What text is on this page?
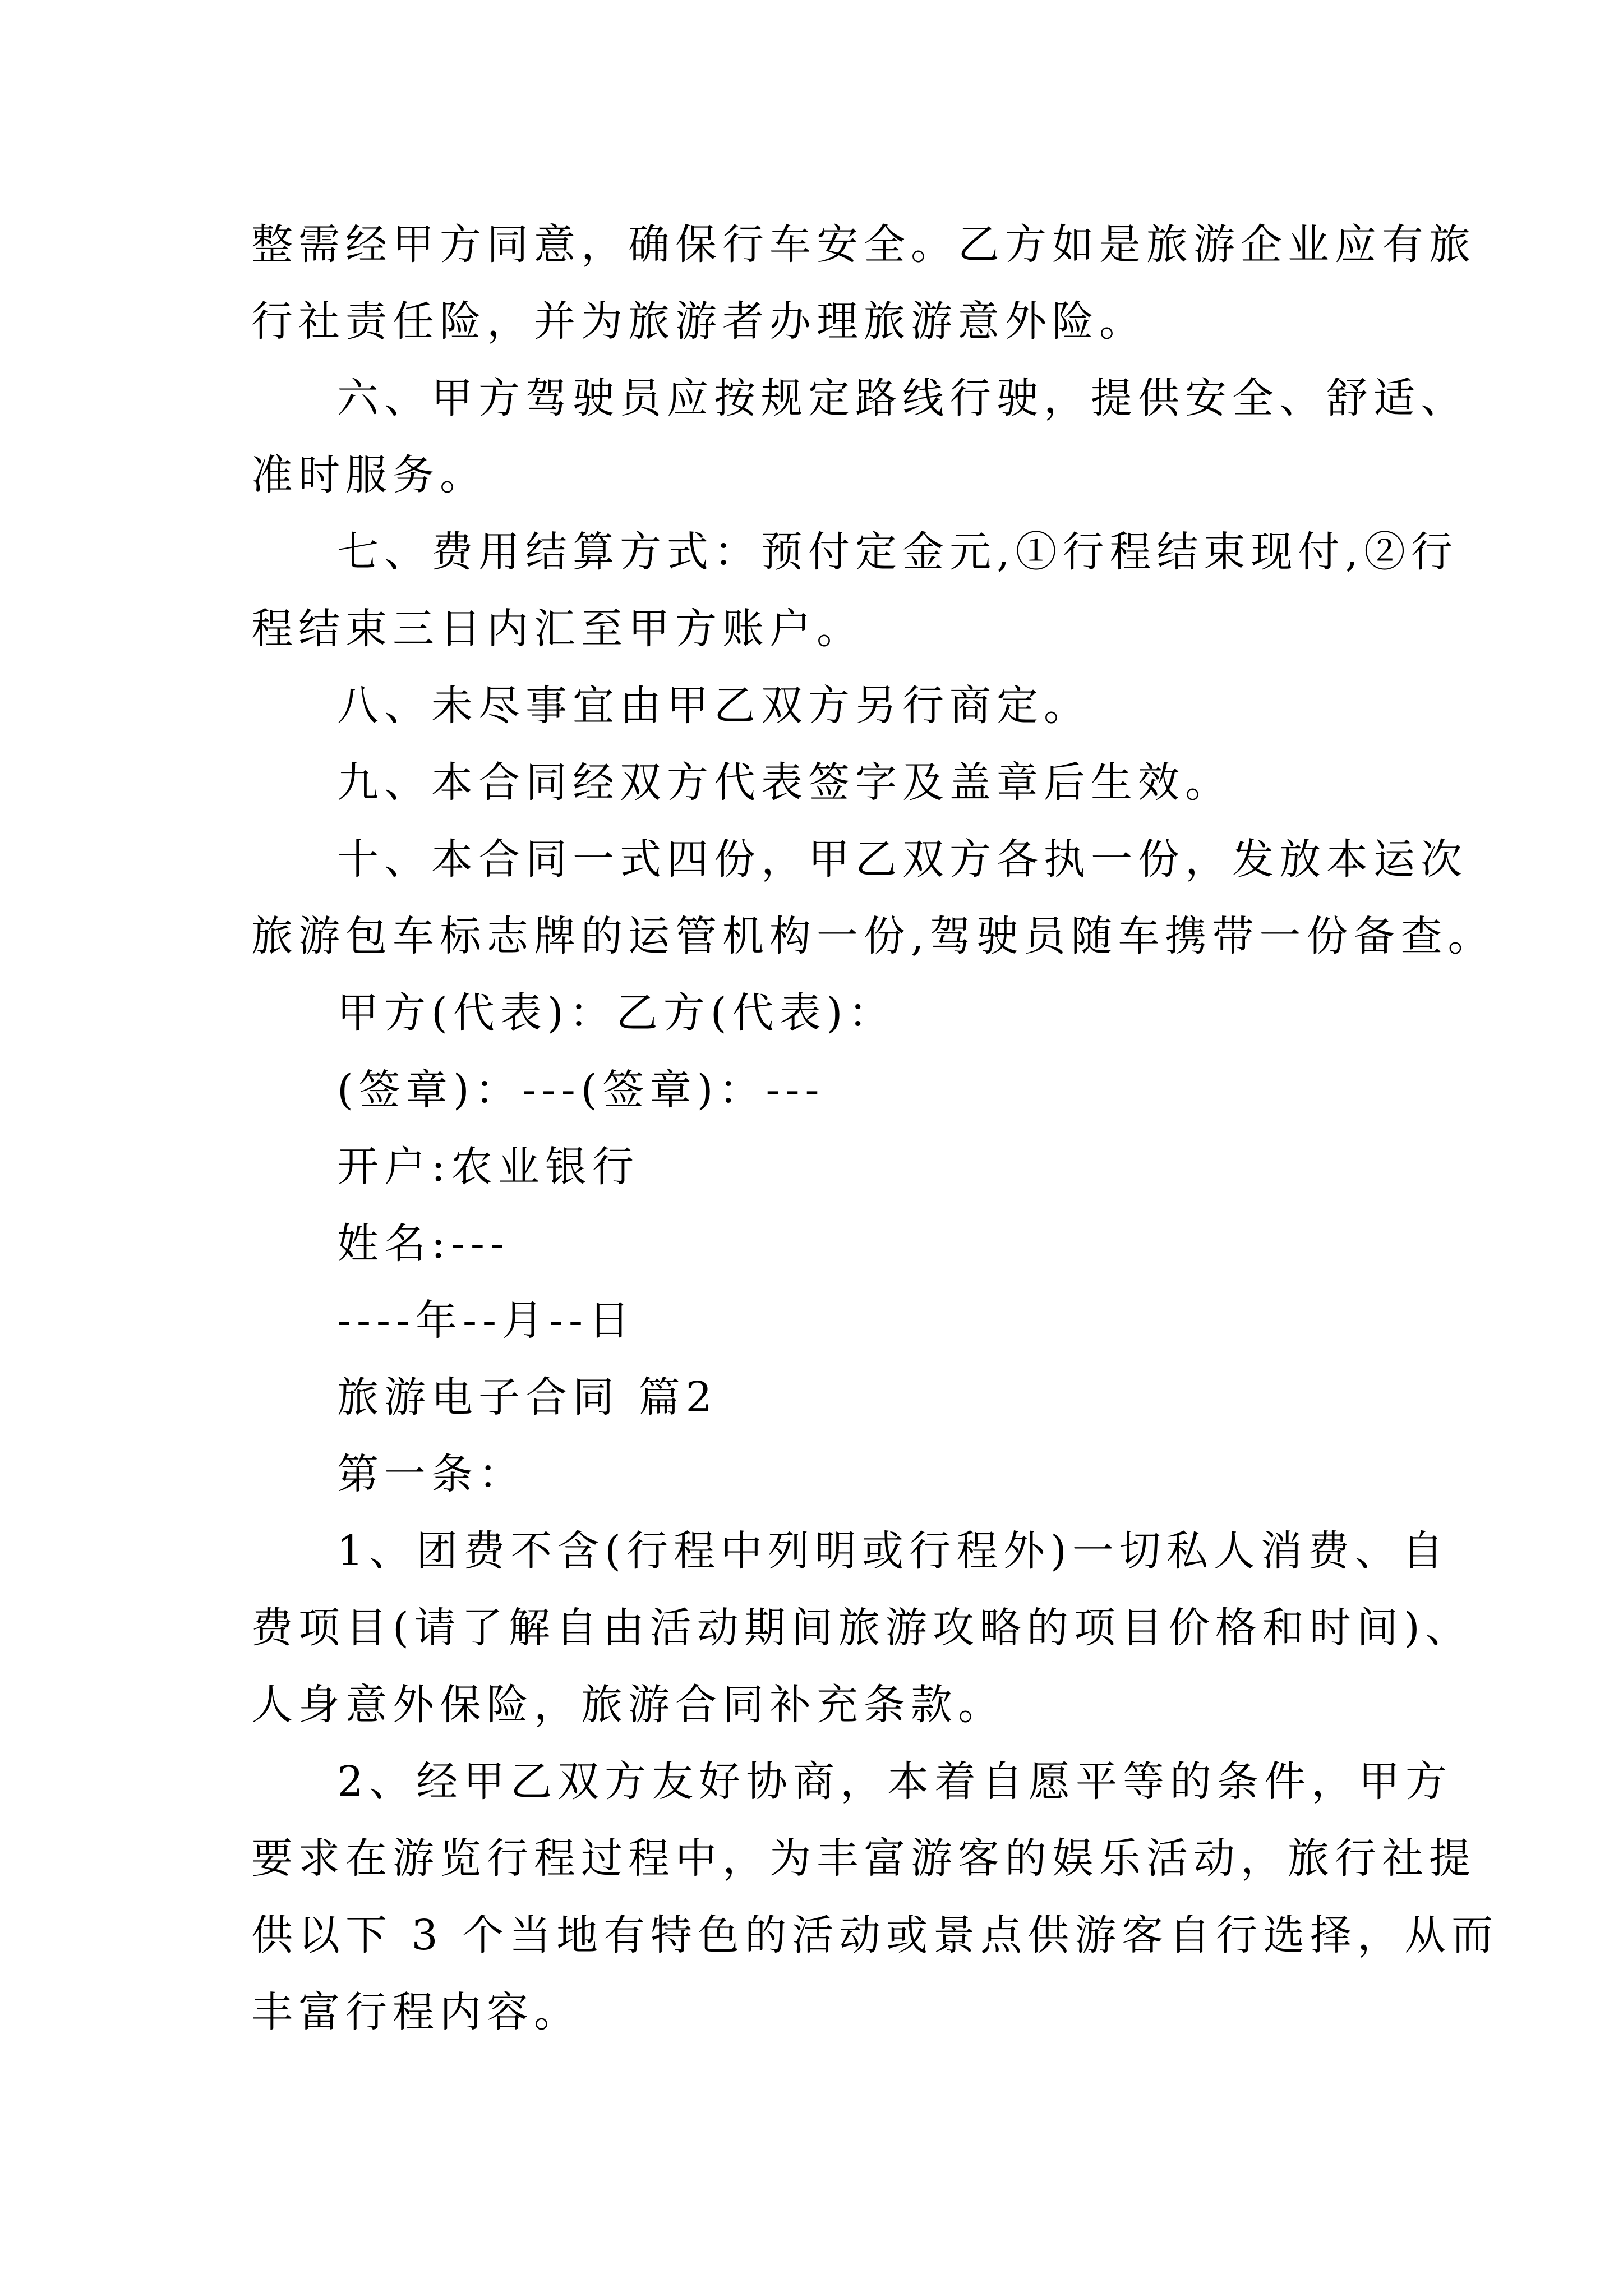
整需经甲方同意，确保行车安全。乙方如是旅游企业应有旅
行社责任险，并为旅游者办理旅游意外险。
六、甲方驾驶员应按规定路线行驶，提供安全、舒适、
准时服务。
七、费用结算方式：预付定金元,①行程结束现付,②行
程结束三日内汇至甲方账户。
八、未尽事宜由甲乙双方另行商定。
九、本合同经双方代表签字及盖章后生效。
十、本合同一式四份，甲乙双方各执一份，发放本运次
旅游包车标志牌的运管机构一份,驾驶员随车携带一份备查。
甲方(代表)：乙方(代表)：
(签章)：---(签章)：---
开户:农业银行
姓名:---
----年--月--日
旅游电子合同 篇2
第一条：
1、团费不含(行程中列明或行程外)一切私人消费、自
费项目(请了解自由活动期间旅游攻略的项目价格和时间)、
人身意外保险，旅游合同补充条款。
2、经甲乙双方友好协商，本着自愿平等的条件，甲方
要求在游览行程过程中，为丰富游客的娱乐活动，旅行社提
供以下 3 个当地有特色的活动或景点供游客自行选择，从而
丰富行程内容。
